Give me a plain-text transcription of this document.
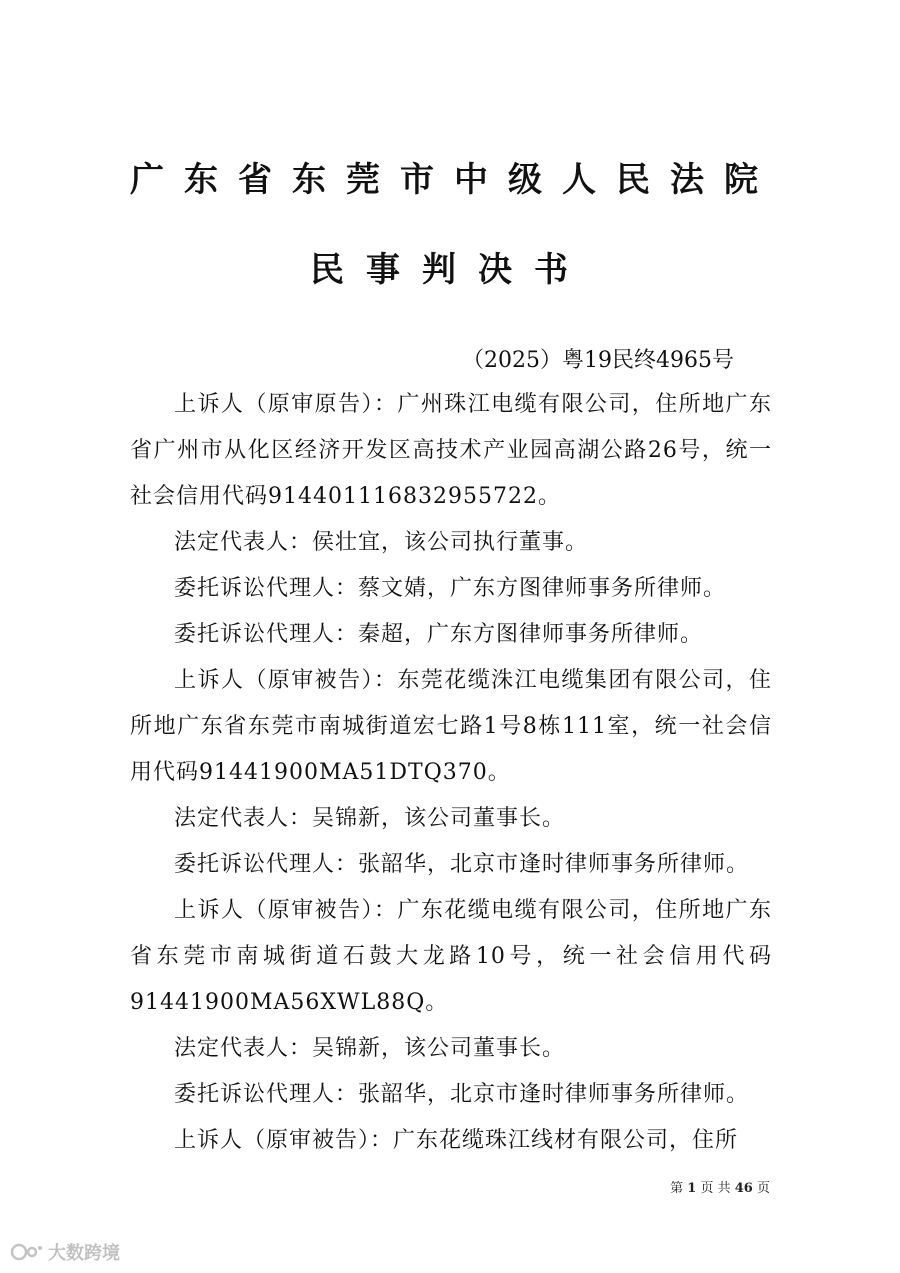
广东省东莞市中级人民法院
民事判决书
（2025）粤19民终4965号

上诉人（原审原告）：广州珠江电缆有限公司，住所地广东省广州市从化区经济开发区高技术产业园高湖公路26号，统一社会信用代码91440111683295572​2。

法定代表人：侯壮宜，该公司执行董事。

委托诉讼代理人：蔡文婧，广东方图律师事务所律师。

委托诉讼代理人：秦超，广东方图律师事务所律师。

上诉人（原审被告）：东莞花缆洙江电缆集团有限公司，住所地广东省东莞市南城街道宏七路1号8栋111室，统一社会信用代码91441900MA51DTQ370。

法定代表人：吴锦新，该公司董事长。

委托诉讼代理人：张韶华，北京市逢时律师事务所律师。

上诉人（原审被告）：广东花缆电缆有限公司，住所地广东省东莞市南城街道石鼓大龙路10号，统一社会信用代码91441900MA56XWL88Q。

法定代表人：吴锦新，该公司董事长。

委托诉讼代理人：张韶华，北京市逢时律师事务所律师。

上诉人（原审被告）：广东花缆珠江线材有限公司，住所

第 1 页 共 46 页
大数跨境
